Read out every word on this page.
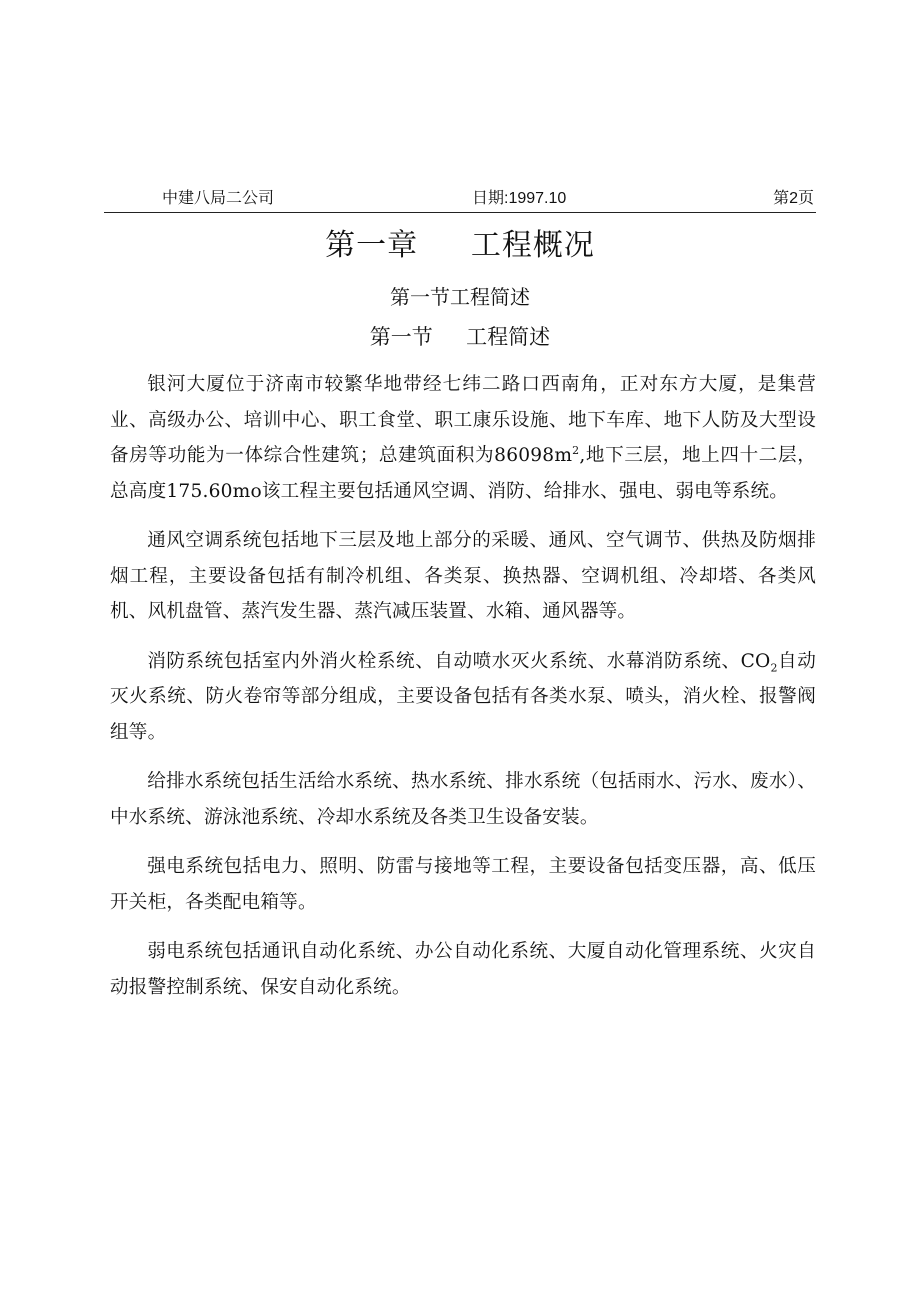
中建八局二公司	日期:1997.10	第2页
第一章     工程概况
第一节工程简述
第一节     工程简述

银河大厦位于济南市较繁华地带经七纬二路口西南角，正对东方大厦，是集营业、高级办公、培训中心、职工食堂、职工康乐设施、地下车库、地下人防及大型设备房等功能为一体综合性建筑；总建筑面积为$86098m^2$,地下三层，地上四十二层，总高度175.60mo该工程主要包括通风空调、消防、给排水、强电、弱电等系统。

通风空调系统包括地下三层及地上部分的采暖、通风、空气调节、供热及防烟排烟工程，主要设备包括有制冷机组、各类泵、换热器、空调机组、冷却塔、各类风机、风机盘管、蒸汽发生器、蒸汽减压装置、水箱、通风器等。

消防系统包括室内外消火栓系统、自动喷水灭火系统、水幕消防系统、$CO_2$自动灭火系统、防火卷帘等部分组成，主要设备包括有各类水泵、喷头，消火栓、报警阀组等。

给排水系统包括生活给水系统、热水系统、排水系统（包括雨水、污水、废水）、中水系统、游泳池系统、冷却水系统及各类卫生设备安装。

强电系统包括电力、照明、防雷与接地等工程，主要设备包括变压器，高、低压开关柜，各类配电箱等。

弱电系统包括通讯自动化系统、办公自动化系统、大厦自动化管理系统、火灾自动报警控制系统、保安自动化系统。
